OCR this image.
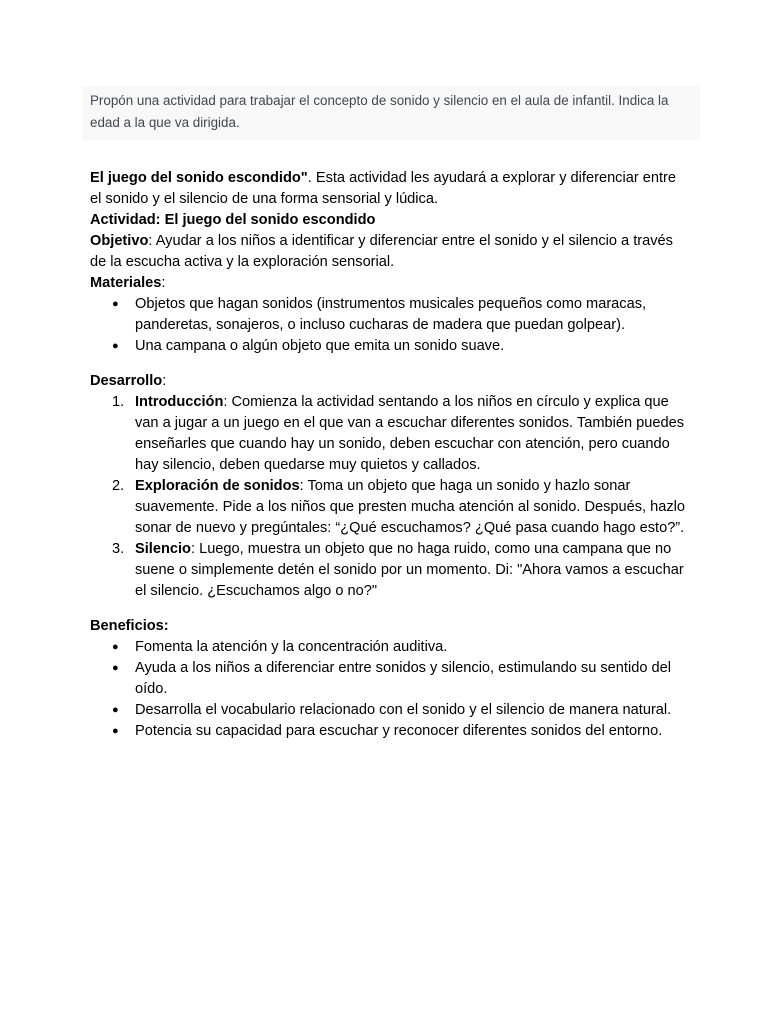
Propón una actividad para trabajar el concepto de sonido y silencio en el aula de infantil. Indica la edad a la que va dirigida.

El juego del sonido escondido". Esta actividad les ayudará a explorar y diferenciar entre el sonido y el silencio de una forma sensorial y lúdica.

Actividad: El juego del sonido escondido

Objetivo: Ayudar a los niños a identificar y diferenciar entre el sonido y el silencio a través de la escucha activa y la exploración sensorial.

Materiales:

● Objetos que hagan sonidos (instrumentos musicales pequeños como maracas, panderetas, sonajeros, o incluso cucharas de madera que puedan golpear).
● Una campana o algún objeto que emita un sonido suave.

Desarrollo:

1. Introducción: Comienza la actividad sentando a los niños en círculo y explica que van a jugar a un juego en el que van a escuchar diferentes sonidos. También puedes enseñarles que cuando hay un sonido, deben escuchar con atención, pero cuando hay silencio, deben quedarse muy quietos y callados.
2. Exploración de sonidos: Toma un objeto que haga un sonido y hazlo sonar suavemente. Pide a los niños que presten mucha atención al sonido. Después, hazlo sonar de nuevo y pregúntales: “¿Qué escuchamos? ¿Qué pasa cuando hago esto?”.
3. Silencio: Luego, muestra un objeto que no haga ruido, como una campana que no suene o simplemente detén el sonido por un momento. Di: "Ahora vamos a escuchar el silencio. ¿Escuchamos algo o no?"

Beneficios:

● Fomenta la atención y la concentración auditiva.
● Ayuda a los niños a diferenciar entre sonidos y silencio, estimulando su sentido del oído.
● Desarrolla el vocabulario relacionado con el sonido y el silencio de manera natural.
● Potencia su capacidad para escuchar y reconocer diferentes sonidos del entorno.
